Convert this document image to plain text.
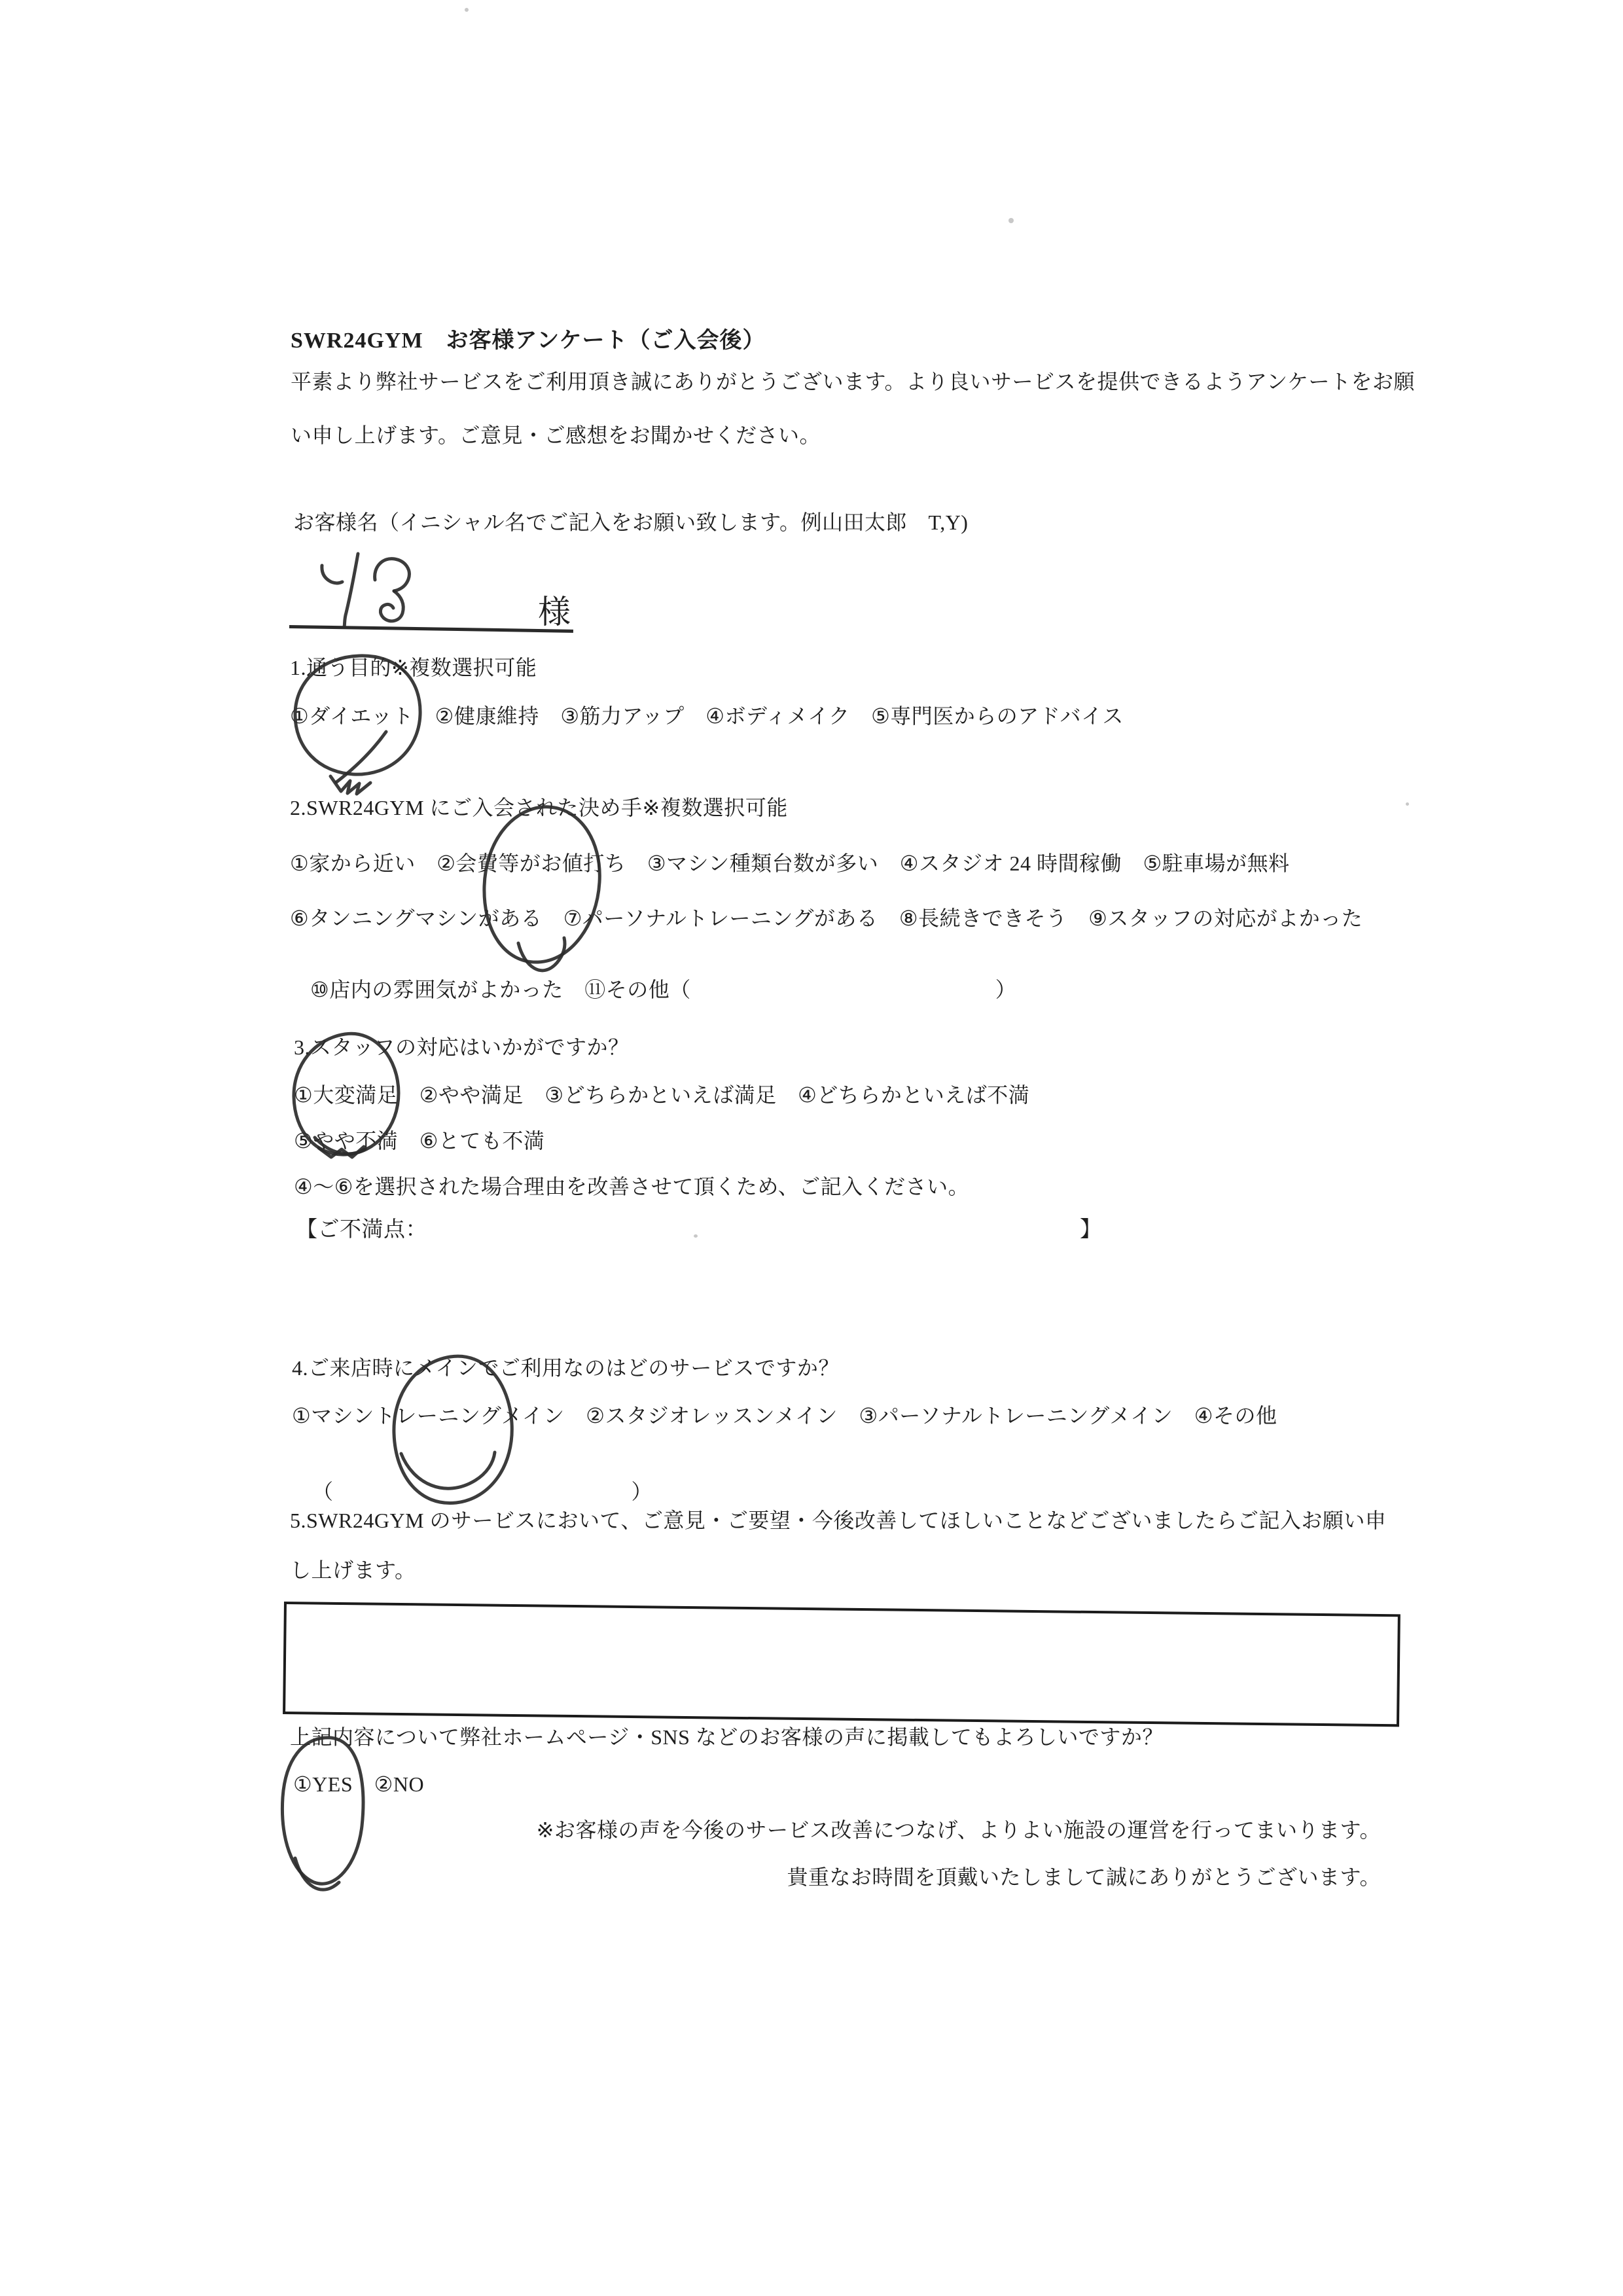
SWR24GYM　お客様アンケート（ご入会後）
平素より弊社サービスをご利用頂き誠にありがとうございます。より良いサービスを提供できるようアンケートをお願
い申し上げます。ご意見・ご感想をお聞かせください。
お客様名（イニシャル名でご記入をお願い致します。例山田太郎　T,Y)
様
1.通う目的※複数選択可能
①ダイエット　②健康維持　③筋力アップ　④ボディメイク　⑤専門医からのアドバイス
2.SWR24GYM にご入会された決め手※複数選択可能
①家から近い　②会費等がお値打ち　③マシン種類台数が多い　④スタジオ 24 時間稼働　⑤駐車場が無料
⑥タンニングマシンがある　⑦パーソナルトレーニングがある　⑧長続きできそう　⑨スタッフの対応がよかった

⑩店内の雰囲気がよかった　⑪その他（	）

3.スタッフの対応はいかがですか？
①大変満足　②やや満足　③どちらかといえば満足　④どちらかといえば不満
⑤やや不満　⑥とても不満
④～⑥を選択された場合理由を改善させて頂くため、ご記入ください。
【ご不満点：	】
4.ご来店時にメインでご利用なのはどのサービスですか？
①マシントレーニングメイン　②スタジオレッスンメイン　③パーソナルトレーニングメイン　④その他

（	）

5.SWR24GYM のサービスにおいて、ご意見・ご要望・今後改善してほしいことなどございましたらご記入お願い申
し上げます。
上記内容について弊社ホームページ・SNS などのお客様の声に掲載してもよろしいですか？
①YES　②NO
※お客様の声を今後のサービス改善につなげ、よりよい施設の運営を行ってまいります。
貴重なお時間を頂戴いたしまして誠にありがとうございます。
